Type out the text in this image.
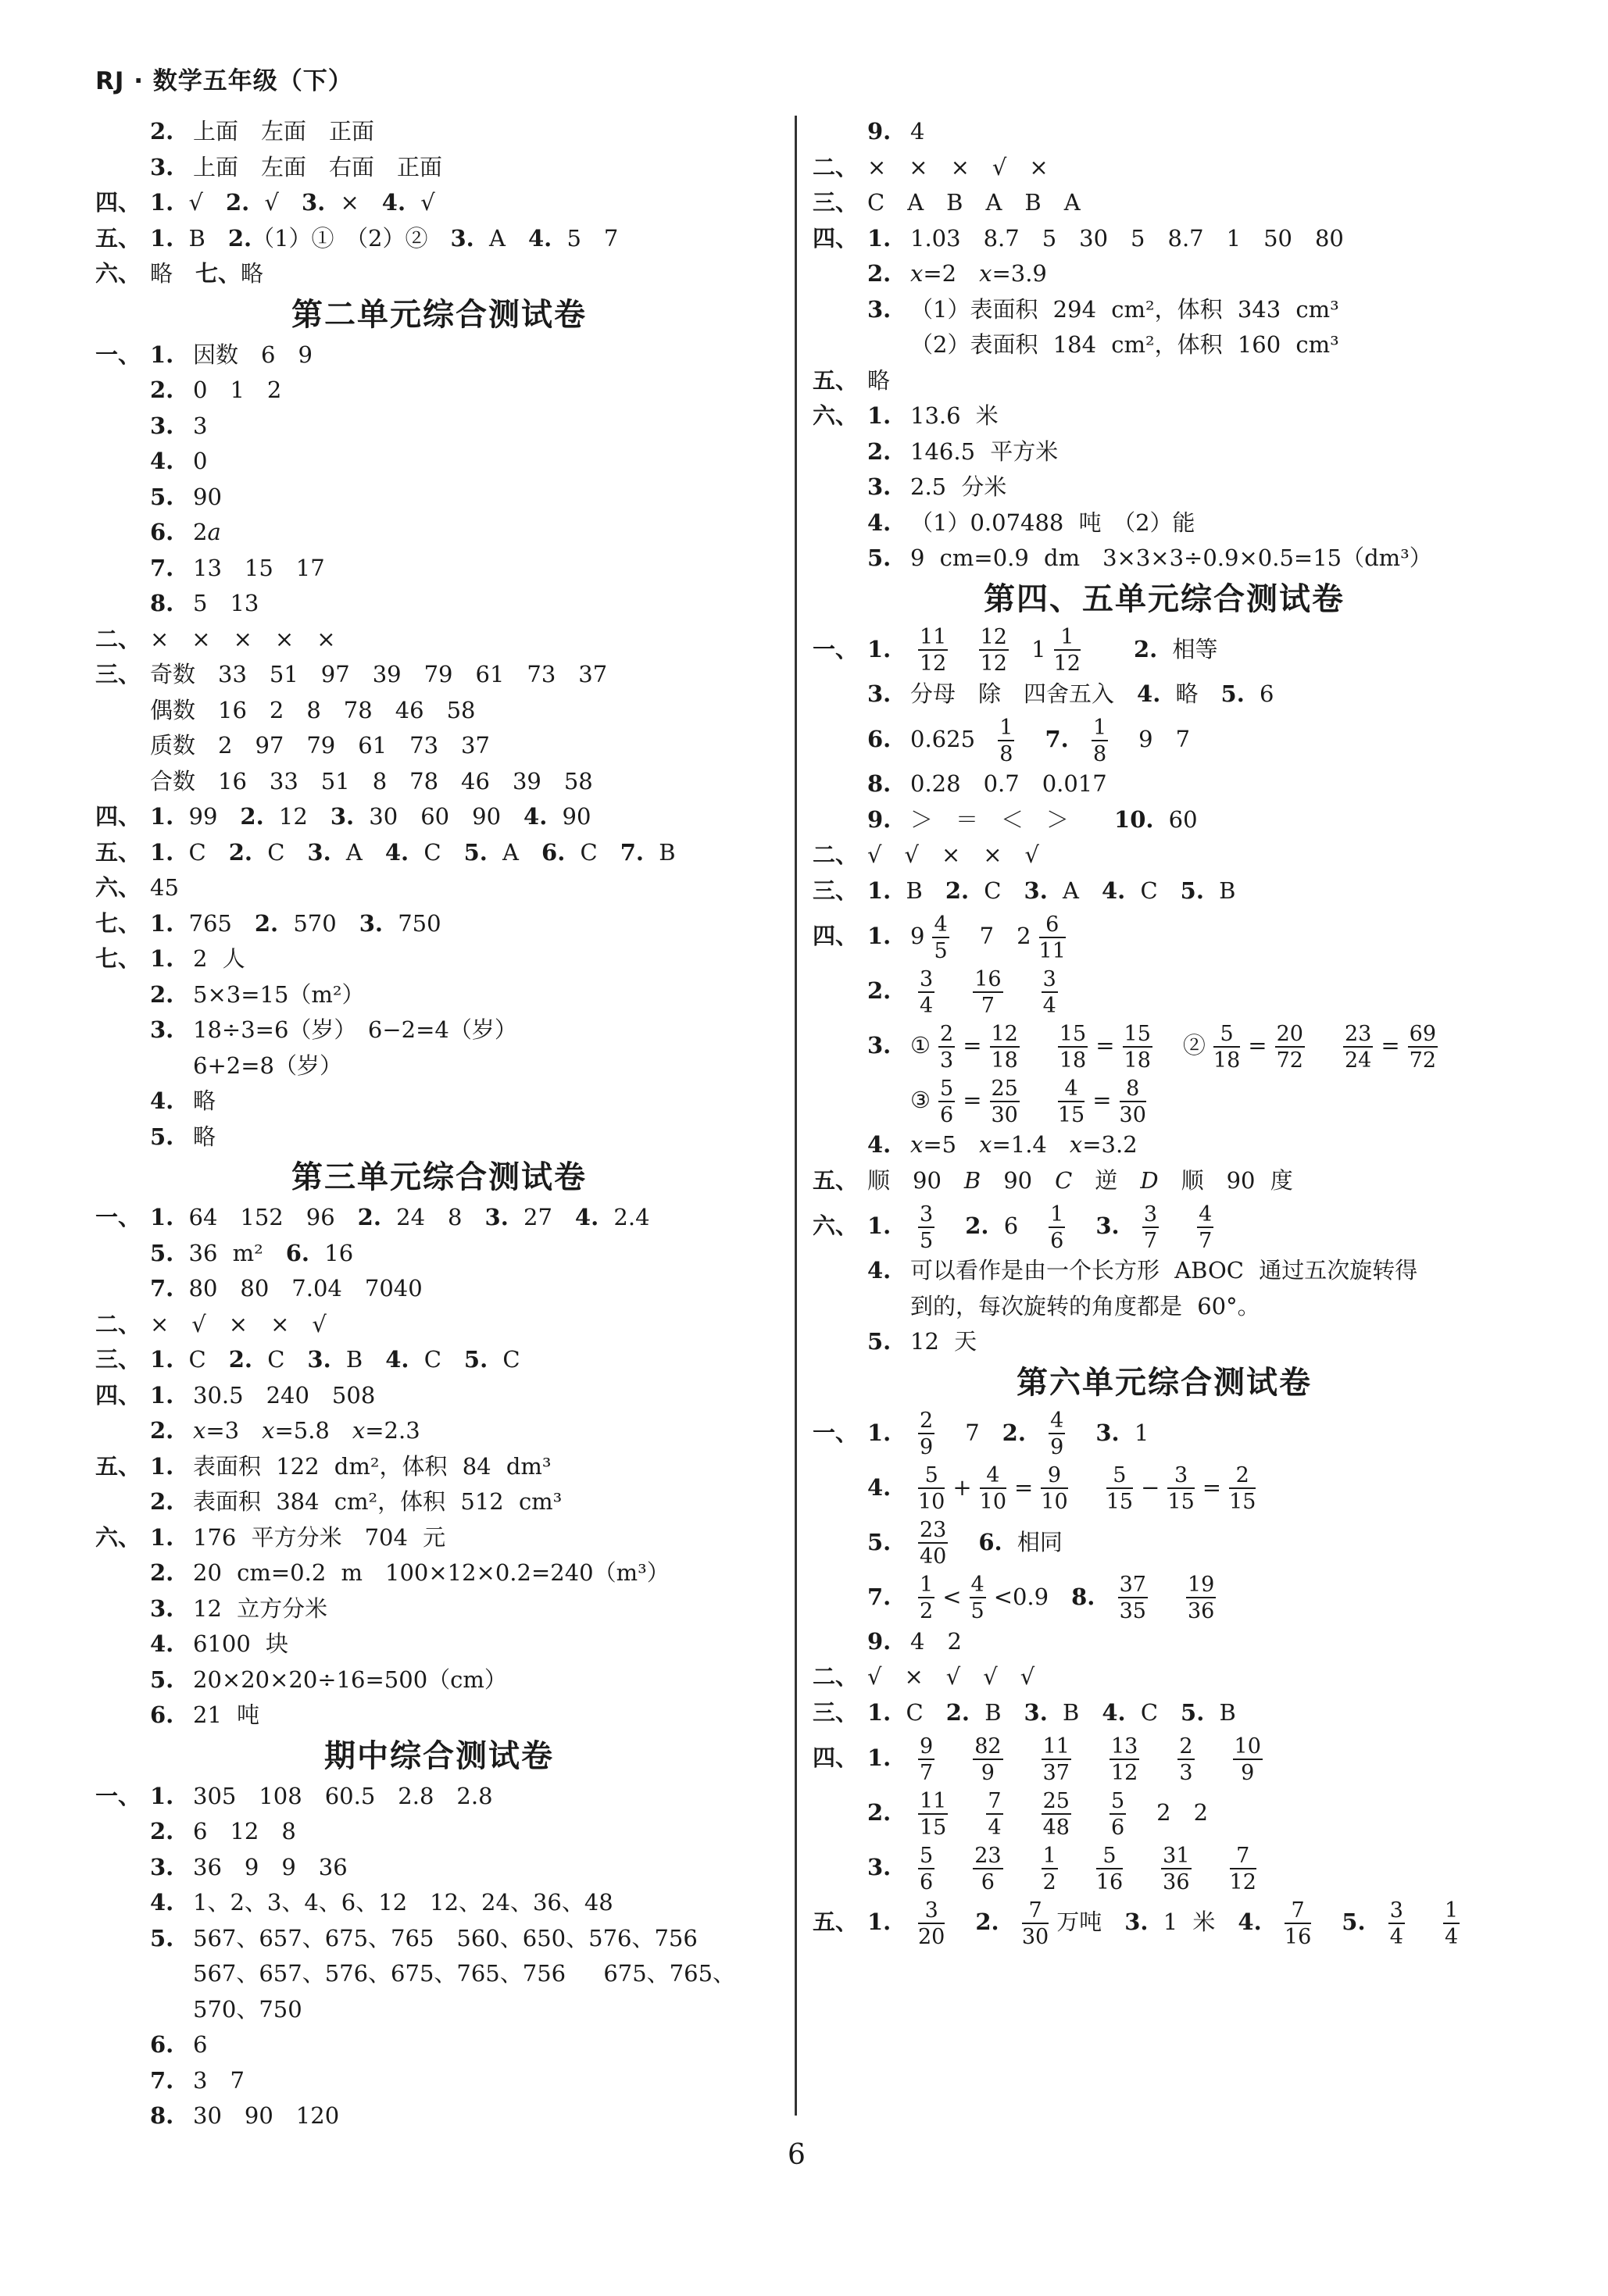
RJ · 数学五年级（下）
2. 上面　左面　正面
3. 上面　左面　右面　正面
四、 1. √　2. √　3. ×　4. √
五、 1. B　2.（1）①　（2）②　3. A　4. 5　7
六、 略　七、略
第二单元综合测试卷
一、 1. 因数　6　9
2. 0　1　2
3. 3
4. 0
5. 90
6. 2a
7. 13　15　17
8. 5　13
二、 ×　×　×　×　×
三、 奇数　33　51　97　39　79　61　73　37
偶数　16　2　8　78　46　58
质数　2　97　79　61　73　37
合数　16　33　51　8　78　46　39　58
四、 1. 99　2. 12　3. 30　60　90　4. 90
五、 1. C　2. C　3. A　4. C　5. A　6. C　7. B
六、 45
七、 1. 765　2. 570　3. 750
七、 1. 2 人
2. 5×3=15（m²）
3. 18÷3=6（岁）　6−2=4（岁）
6+2=8（岁）
4. 略
5. 略
第三单元综合测试卷
一、 1. 64　152　96　2. 24　8　3. 27　4. 2.4
5. 36 m²　6. 16
7. 80　80　7.04　7040
二、 ×　√　×　×　√
三、 1. C　2. C　3. B　4. C　5. C
四、 1. 30.5　240　508
2. x=3　x=5.8　x=2.3
五、 1. 表面积 122 dm²，体积 84 dm³
2. 表面积 384 cm²，体积 512 cm³
六、 1. 176 平方分米　704 元
2. 20 cm=0.2 m　100×12×0.2=240（m³）
3. 12 立方分米
4. 6100 块
5. 20×20×20÷16=500（cm）
6. 21 吨
期中综合测试卷
一、 1. 305　108　60.5　2.8　2.8
2. 6　12　8
3. 36　9　9　36
4. 1、2、3、4、6、12　12、24、36、48
5. 567、657、675、765　560、650、576、756
567、657、576、675、765、756　 675、765、
570、750
6. 6
7. 3　7
8. 30　90　120
9. 4
二、 ×　×　×　√　×
三、 C　A　B　A　B　A
四、 1. 1.03　8.7　5　30　5　8.7　1　50　80
2. x=2　x=3.9
3. （1）表面积 294 cm²，体积 343 cm³
（2）表面积 184 cm²，体积 160 cm³
五、 略
六、 1. 13.6 米
2. 146.5 平方米
3. 2.5 分米
4. （1）0.07488 吨　（2）能
5. 9 cm=0.9 dm　3×3×3÷0.9×0.5=15（dm³）
第四、五单元综合测试卷
一、 1. $\frac{11}{12}$
$\frac{12}{12} 1 \frac{1}{12}$
　　 2. 相等
3. 分母　除　四舍五入　4. 略　5. 6
6. $0.625 \frac{1}{8}$
　 7. $\frac{1}{8}$ 　9　7
8. 0.28　0.7　0.017
9. ＞　＝　＜　＞　　10. 60
二、 √　√　×　×　√
三、 1. B　2. C　3. A　4. C　5. B
四、 1. $9 \frac{4}{5}$ 　7　$2 \frac{6}{11}$
2. $\frac{3}{4}$
　 $\frac{16}{7}$
　 $\frac{3}{4}$
3. ① $\frac{2}{3} = \frac{12}{18}$
　 $\frac{15}{18} = \frac{15}{18}$ 　② $\frac{5}{18} = \frac{20}{72}$
　 $\frac{23}{24} = \frac{69}{72}$
③ $\frac{5}{6} = \frac{25}{30}$
　 $\frac{4}{15} = \frac{8}{30}$
4. x=5　x=1.4　x=3.2
五、 顺　90　B　90　C　逆　D　顺　90 度
六、 1. $\frac{3}{5}$
　 2. 6　 $\frac{1}{6}$
　 3. $\frac{3}{7}$
　 $\frac{4}{7}$
4. 可以看作是由一个长方形 ABOC 通过五次旋转得
到的，每次旋转的角度都是 60°。
5. 12 天
第六单元综合测试卷
一、 1. $\frac{2}{9}$ 　7　2. $\frac{4}{9}$
　 3. 1
4. $\frac{5}{10} + \frac{4}{10} = \frac{9}{10}$
　 $\frac{5}{15} - \frac{3}{15} = \frac{2}{15}$
5. $\frac{23}{40}$
　 6. 相同
7. $\frac{1}{2} < \frac{4}{5} <0.9$　8. $\frac{37}{35}$
　 $\frac{19}{36}$
9. 4　2
二、 √　×　√　√　√
三、 1. C　2. B　3. B　4. C　5. B
四、 1. $\frac{9}{7}$
　 $\frac{82}{9}$
　 $\frac{11}{37}$
　 $\frac{13}{12}$
　 $\frac{2}{3}$
　 $\frac{10}{9}$
2. $\frac{11}{15}$
　 $\frac{7}{4}$
　 $\frac{25}{48}$
　 $\frac{5}{6}$ 　2　2
3. $\frac{5}{6}$
　 $\frac{23}{6}$
　 $\frac{1}{2}$
　 $\frac{5}{16}$
　 $\frac{31}{36}$
　 $\frac{7}{12}$
五、 1. $\frac{3}{20}$
　 2. $\frac{7}{30}$ 万吨　3. 1 米　4. $\frac{7}{16}$
　 5. $\frac{3}{4}$
　 $\frac{1}{4}$
6
